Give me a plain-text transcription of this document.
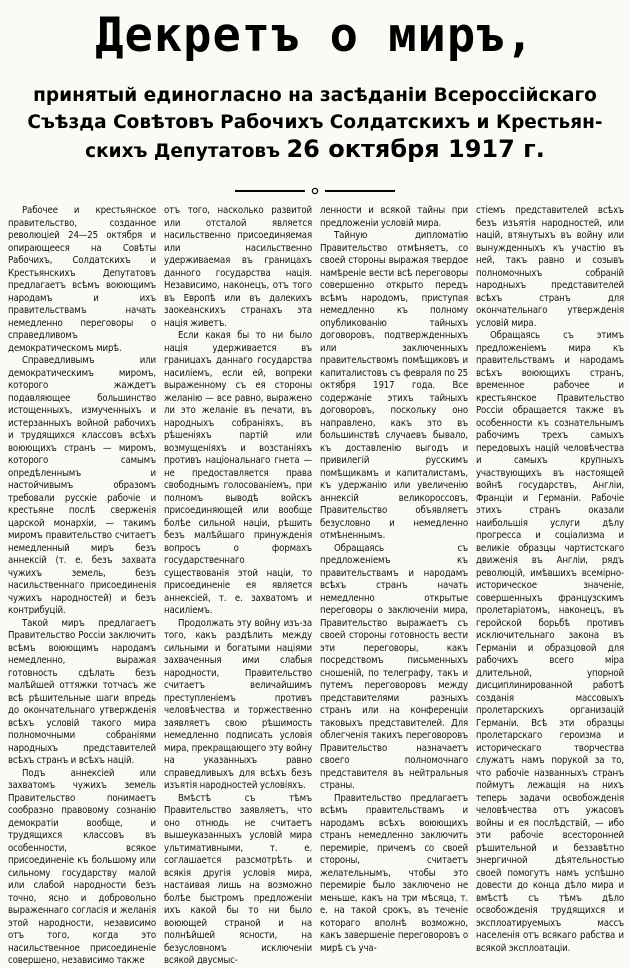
Декретъ о миръ,
принятый единогласно на засѣданіи Всероссійскаго
Съѣзда Совѣтовъ Рабочихъ Солдатскихъ и Крестьян-
скихъ Депутатовъ 26 октября 1917 г.

Рабочее и крестьянское правительство, созданное революціей 24—25 октября и опирающееся на Совѣты Рабочихъ, Солдатскихъ и Крестьянскихъ Депутатовъ предлагаетъ всѣмъ воюющимъ народамъ и ихъ правительствамъ начать немедленно переговоры о справедливомъ демократическомъ мирѣ.

Справедливымъ или демократическимъ миромъ, которого жаждетъ подавляющее большинство истощенныхъ, измученныхъ и истерзанныхъ войной рабочихъ и трудящихся классовъ всѣхъ воюющихъ странъ — миромъ, которого самымъ опредѣленнымъ и настойчивымъ образомъ требовали русскіе рабочіе и крестьяне послѣ сверженія царской монархіи, — такимъ миромъ правительство считаетъ немедленный миръ безъ аннексій (т. е. безъ захвата чужихъ земель, безъ насильственнаго присоединенія чужихъ народностей) и безъ контрибуцій.

Такой миръ предлагаетъ Правительство Россіи заключить всѣмъ воюющимъ народамъ немедленно, выражая готовность сдѣлать безъ малѣйшей оттяжки тотчасъ же всѣ рѣшительные шаги впредь до окончательнаго утвержденія всѣхъ условій такого мира полномочными собраніями народныхъ представителей всѣхъ странъ и всѣхъ націй.

Подъ аннексіей или захватомъ чужихъ земель Правительство понимаетъ сообразно правовому сознанію демократіи вообще, и трудящихся классовъ въ особенности, всякое присоединеніе къ большому или сильному государству малой или слабой народности безъ точно, ясно и добровольно выраженнаго согласія и желанія этой народности, независимо отъ того, когда это насильственное присоединеніе совершено, независимо также

отъ того, насколько развитой или отсталой является насильственно присоединяемая или насильственно удерживаемая въ границахъ данного государства нація. Независимо, наконецъ, отъ того въ Европѣ или въ далекихъ заокеанскихъ странахъ эта нація живетъ.

Если какая бы то ни было нація удерживается въ границахъ даннаго государства насиліемъ, если ей, вопреки выраженному съ ея стороны желанію — все равно, выражено ли это желаніе въ печати, въ народныхъ собраніяхъ, въ рѣшеніяхъ партій или возмущеніяхъ и возстаніяхъ противъ національнаго гнета — не предоставляется права свободнымъ голосованіемъ, при полномъ выводѣ войскъ присоединяющей или вообще болѣе сильной націи, рѣшить безъ малѣйшаго принужденія вопросъ о формахъ государственнаго существованія этой націи, то присоединеніе ея является аннексіей, т. е. захватомъ и насиліемъ.

Продолжать эту войну изъ-за того, какъ раздѣлить между сильными и богатыми націями захваченныя ими слабыя народности, Правительство считаетъ величайшимъ преступленіемъ противъ человѣчества и торжественно заявляетъ свою рѣшимость немедленно подписать условія мира, прекращающего эту войну на указанныхъ равно справедливыхъ для всѣхъ безъ изъятія народностей условіяхъ.

Вмѣстѣ съ тѣмъ Правительство заявляетъ, что оно отнюдь не считаетъ вышеуказанныхъ условій мира ультимативными, т. е. соглашается разсмотрѣть и всякія другія условія мира, настаивая лишь на возможно болѣе быстромъ предложеніи ихъ какой бы то ни было воюющей страной и на полнѣйшей ясности, на безусловномъ исключеніи всякой двусмыс-

ленности и всякой тайны при предложеніи условій мира.

Тайную дипломатію Правительство отмѣняетъ, со своей стороны выражая твердое намѣреніе вести всѣ переговоры совершенно открыто передъ всѣмъ народомъ, приступая немедленно къ полному опубликованію тайныхъ договоровъ, подтвержденныхъ или заключенныхъ правительствомъ помѣщиковъ и капиталистовъ съ февраля по 25 октября 1917 года. Все содержаніе этихъ тайныхъ договоровъ, поскольку оно направлено, какъ это въ большинствѣ случаевъ бывало, къ доставленію выгодъ и привилегій русскимъ помѣщикамъ и капиталистамъ, къ удержанію или увеличенію аннексій великороссовъ, Правительство объявляетъ безусловно и немедленно отмѣненнымъ.

Обращаясь съ предложеніемъ къ правительствамъ и народамъ всѣхъ странъ начать немедленно открытые переговоры о заключеніи мира, Правительство выражаетъ съ своей стороны готовность вести эти переговоры, какъ посредствомъ письменныхъ сношеній, по телеграфу, такъ и путемъ переговоровъ между представителями разныхъ странъ или на конференціи таковыхъ представителей. Для облегченія такихъ переговоровъ Правительство назначаетъ своего полномочнаго представителя въ нейтральныя страны.

Правительство предлагаетъ всѣмъ правительствамъ и народамъ всѣхъ воюющихъ странъ немедленно заключить перемиріе, причемъ со своей стороны, считаетъ желательнымъ, чтобы это перемиріе было заключено не меньше, какъ на три мѣсяца, т. е. на такой срокъ, въ теченіе котораго вполнѣ возможно, какъ завершеніе переговоровъ о мирѣ съ уча-

стіемъ представителей всѣхъ безъ изъятія народностей, или націй, втянутыхъ въ войну или вынужденныхъ къ участію въ ней, такъ равно и созывъ полномочныхъ собраній народныхъ представителей всѣхъ странъ для окончательнаго утвержденія условій мира.

Обращаясь съ этимъ предложеніемъ мира къ правительствамъ и народамъ всѣхъ воюющихъ странъ, временное рабочее и крестьянское Правительство Россіи обращается также въ особенности къ сознательнымъ рабочимъ трехъ самыхъ передовыхъ націй человѣчества и самыхъ крупныхъ участвующихъ въ настоящей войнѣ государствъ, Англіи, Франціи и Германіи. Рабочіе этихъ странъ оказали наибольшія услуги дѣлу прогресса и соціализма и великіе образцы чартистскаго движенія въ Англіи, рядъ революцій, имѣвшихъ всемірно-историческое значеніе, совершенныхъ французскимъ пролетаріатомъ, наконецъ, въ геройской борьбѣ противъ исключительнаго закона въ Германіи и образцовой для рабочихъ всего міра длительной, упорной дисциплинированной работѣ созданія массовыхъ пролетарскихъ организацій Германіи. Всѣ эти образцы пролетарскаго героизма и историческаго творчества служатъ намъ порукой за то, что рабочіе названныхъ странъ поймутъ лежащія на нихъ теперь задачи освобожденія человѣчества отъ ужасовъ войны и ея послѣдствій, — ибо эти рабочіе всесторонней рѣшительной и беззавѣтно энергичной дѣятельностью своей помогутъ намъ успѣшно довести до конца дѣло мира и вмѣстѣ съ тѣмъ дѣло освобожденія трудящихся и эксплоатируемыхъ массъ населенія отъ всякаго рабства и всякой эксплоатаціи.
